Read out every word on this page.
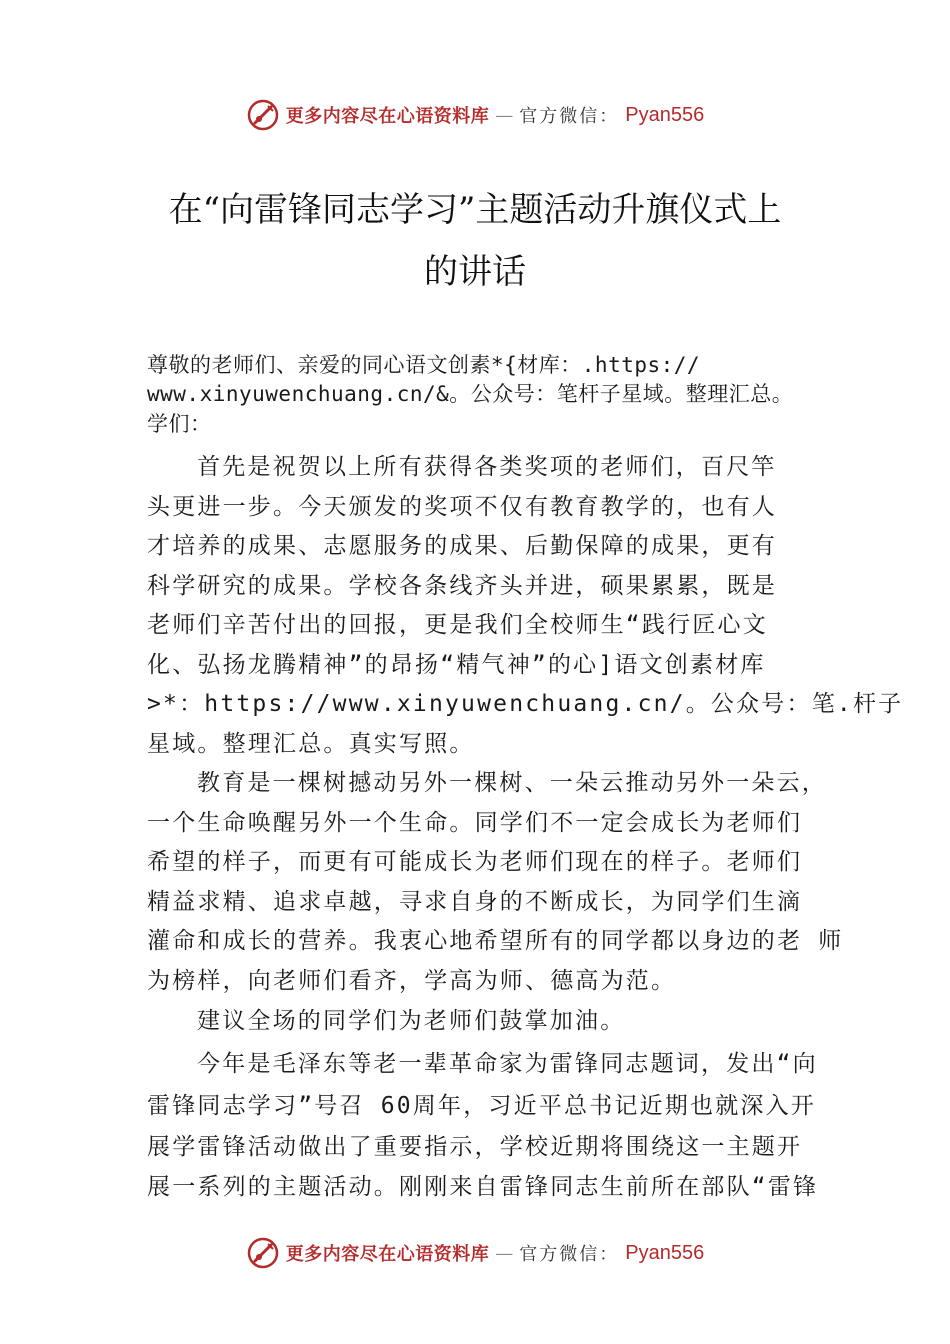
更多内容尽在心语资料库 — 官方微信： Pyan556
在“向雷锋同志学习”主题活动升旗仪式上
的讲话
尊敬的老师们、亲爱的同心语文创素*{材库：.https://
www.xinyuwenchuang.cn/&。公众号：笔杆子星域。整理汇总。
学们：
首先是祝贺以上所有获得各类奖项的老师们，百尺竿
头更进一步。今天颁发的奖项不仅有教育教学的，也有人
才培养的成果、志愿服务的成果、后勤保障的成果，更有
科学研究的成果。学校各条线齐头并进，硕果累累，既是
老师们辛苦付出的回报，更是我们全校师生“践行匠心文
化、弘扬龙腾精神”的昂扬“精气神”的心]语文创素材库
>*：https://www.xinyuwenchuang.cn/。公众号：笔.杆子
星域。整理汇总。真实写照。
教育是一棵树撼动另外一棵树、一朵云推动另外一朵云，
一个生命唤醒另外一个生命。同学们不一定会成长为老师们
希望的样子，而更有可能成长为老师们现在的样子。老师们
精益求精、追求卓越，寻求自身的不断成长，为同学们生滴
灌命和成长的营养。我衷心地希望所有的同学都以身边的老 师
为榜样，向老师们看齐，学高为师、德高为范。
建议全场的同学们为老师们鼓掌加油。
今年是毛泽东等老一辈革命家为雷锋同志题词，发出“向
雷锋同志学习”号召 60周年，习近平总书记近期也就深入开
展学雷锋活动做出了重要指示，学校近期将围绕这一主题开
展一系列的主题活动。刚刚来自雷锋同志生前所在部队“雷锋
更多内容尽在心语资料库 — 官方微信： Pyan556
